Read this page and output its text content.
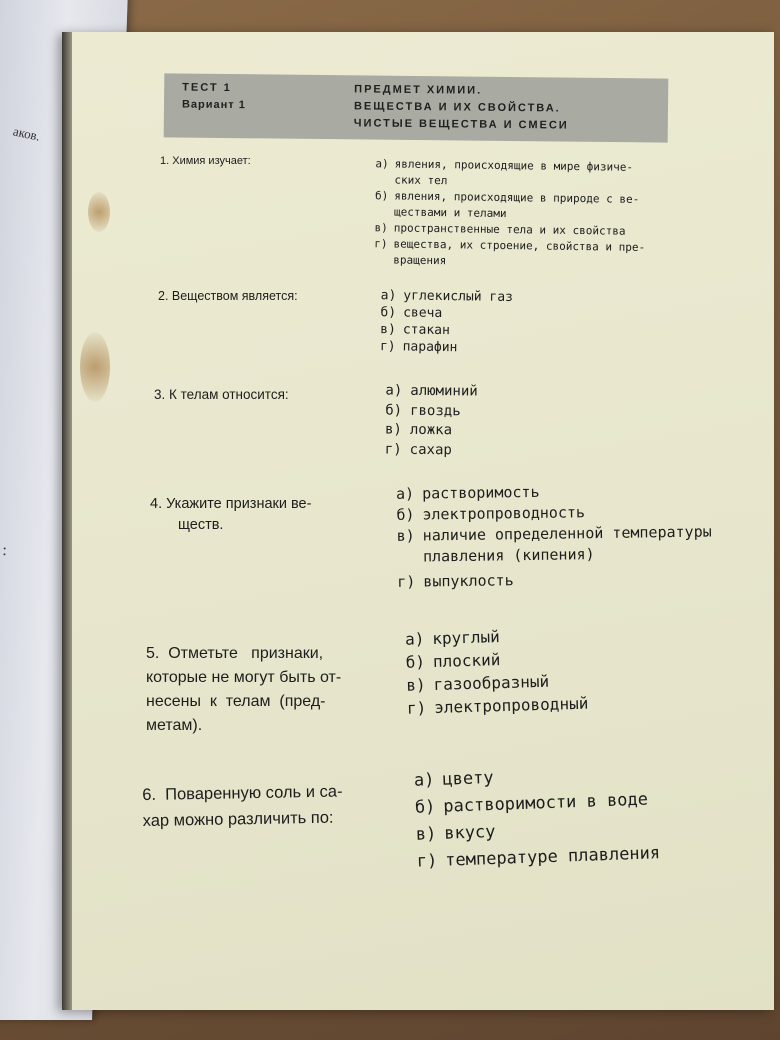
аков.
:
ТЕСТ 1
Вариант 1
ПРЕДМЕТ ХИМИИ.
ВЕЩЕСТВА И ИХ СВОЙСТВА.
ЧИСТЫЕ ВЕЩЕСТВА И СМЕСИ
1. Химия изучает:	а) явления, происходящие в мире физиче-
ских тел
б) явления, происходящие в природе с ве-
ществами и телами
в) пространственные тела и их свойства
г) вещества, их строение, свойства и пре-
вращения
2. Веществом является:	а) углекислый газ
б) свеча
в) стакан
г) парафин
3. К телам относится:	а) алюминий
б) гвоздь
в) ложка
г) сахар
4. Укажите признаки ве-
ществ.
а) растворимость
б) электропроводность
в) наличие определенной температуры
плавления (кипения)
г) выпуклость
5.  Отметьте   признаки,
которые не могут быть от-
несены  к  телам  (пред-
метам).
а) круглый
б) плоский
в) газообразный
г) электропроводный
6.  Поваренную соль и са-
хар можно различить по:
а) цвету
б) растворимости в воде
в) вкусу
г) температуре плавления
